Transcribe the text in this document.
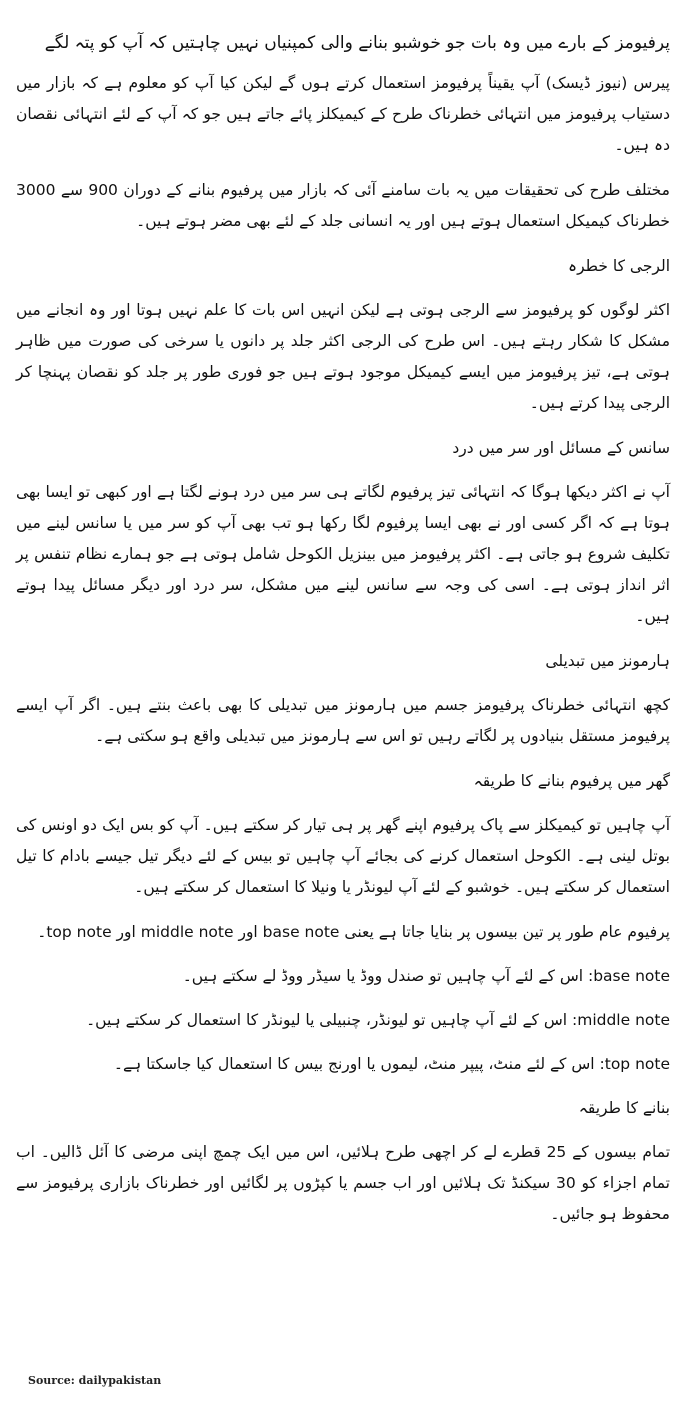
پرفیومز کے بارے میں وہ بات جو خوشبو بنانے والی کمپنیاں نہیں چاہتیں کہ آپ کو پتہ لگے

پیرس (نیوز ڈیسک) آپ یقیناً پرفیومز استعمال کرتے ہوں گے لیکن کیا آپ کو معلوم ہے کہ بازار میں دستیاب پرفیومز میں انتہائی خطرناک طرح کے کیمیکلز پائے جاتے ہیں جو کہ آپ کے لئے انتہائی نقصان دہ ہیں۔

مختلف طرح کی تحقیقات میں یہ بات سامنے آئی کہ بازار میں پرفیوم بنانے کے دوران 900 سے 3000 خطرناک کیمیکل استعمال ہوتے ہیں اور یہ انسانی جلد کے لئے بھی مضر ہوتے ہیں۔

الرجی کا خطرہ

اکثر لوگوں کو پرفیومز سے الرجی ہوتی ہے لیکن انہیں اس بات کا علم نہیں ہوتا اور وہ انجانے میں مشکل کا شکار رہتے ہیں۔ اس طرح کی الرجی اکثر جلد پر دانوں یا سرخی کی صورت میں ظاہر ہوتی ہے، تیز پرفیومز میں ایسے کیمیکل موجود ہوتے ہیں جو فوری طور پر جلد کو نقصان پہنچا کر الرجی پیدا کرتے ہیں۔

سانس کے مسائل اور سر میں درد

آپ نے اکثر دیکھا ہوگا کہ انتہائی تیز پرفیوم لگاتے ہی سر میں درد ہونے لگتا ہے اور کبھی تو ایسا بھی ہوتا ہے کہ اگر کسی اور نے بھی ایسا پرفیوم لگا رکھا ہو تب بھی آپ کو سر میں یا سانس لینے میں تکلیف شروع ہو جاتی ہے۔ اکثر پرفیومز میں بینزیل الکوحل شامل ہوتی ہے جو ہمارے نظام تنفس پر اثر انداز ہوتی ہے۔ اسی کی وجہ سے سانس لینے میں مشکل، سر درد اور دیگر مسائل پیدا ہوتے ہیں۔

ہارمونز میں تبدیلی

کچھ انتہائی خطرناک پرفیومز جسم میں ہارمونز میں تبدیلی کا بھی باعث بنتے ہیں۔ اگر آپ ایسے پرفیومز مستقل بنیادوں پر لگاتے رہیں تو اس سے ہارمونز میں تبدیلی واقع ہو سکتی ہے۔

گھر میں پرفیوم بنانے کا طریقہ

آپ چاہیں تو کیمیکلز سے پاک پرفیوم اپنے گھر پر ہی تیار کر سکتے ہیں۔ آپ کو بس ایک دو اونس کی بوتل لینی ہے۔ الکوحل استعمال کرنے کی بجائے آپ چاہیں تو بیس کے لئے دیگر تیل جیسے بادام کا تیل استعمال کر سکتے ہیں۔ خوشبو کے لئے آپ لیونڈر یا ونیلا کا استعمال کر سکتے ہیں۔

پرفیوم عام طور پر تین بیسوں پر بنایا جاتا ہے یعنی base note اور middle note اور top note۔

base note: اس کے لئے آپ چاہیں تو صندل ووڈ یا سیڈر ووڈ لے سکتے ہیں۔

middle note: اس کے لئے آپ چاہیں تو لیونڈر، چنبیلی یا لیونڈر کا استعمال کر سکتے ہیں۔

top note: اس کے لئے منٹ، پیپر منٹ، لیموں یا اورنج بیس کا استعمال کیا جاسکتا ہے۔

بنانے کا طریقہ

تمام بیسوں کے 25 قطرے لے کر اچھی طرح ہلائیں، اس میں ایک چمچ اپنی مرضی کا آئل ڈالیں۔ اب تمام اجزاء کو 30 سیکنڈ تک ہلائیں اور اب جسم یا کپڑوں پر لگائیں اور خطرناک بازاری پرفیومز سے محفوظ ہو جائیں۔

Source: dailypakistan
